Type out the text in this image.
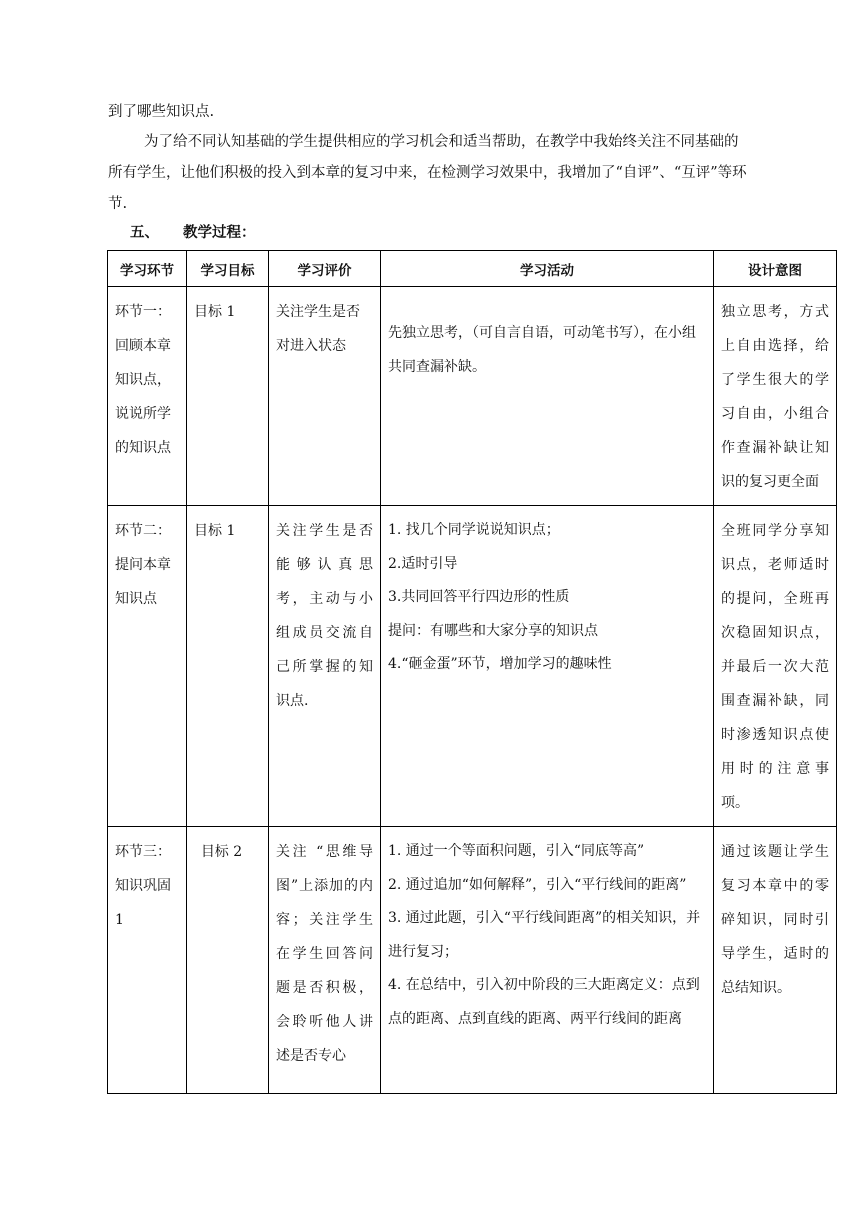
到了哪些知识点.
为了给不同认知基础的学生提供相应的学习机会和适当帮助，在教学中我始终关注不同基础的所有学生，让他们积极的投入到本章的复习中来，在检测学习效果中，我增加了“自评”、“互评”等环节.
五、 教学过程：
学习环节	学习目标	学习评价	学习活动	设计意图
环节一：回顾本章知识点，说说所学的知识点	目标 1	关注学生是否对进入状态	先独立思考，（可自言自语，可动笔书写），在小组共同查漏补缺。	独立思考，方式上自由选择，给了学生很大的学习自由，小组合作查漏补缺让知识的复习更全面
环节二：提问本章知识点	目标 1	关注学生是否能够认真思考，主动与小组成员交流自己所掌握的知识点.	1. 找几个同学说说知识点；
2.适时引导
3.共同回答平行四边形的性质
提问：有哪些和大家分享的知识点
4.“砸金蛋”环节，增加学习的趣味性	全班同学分享知识点，老师适时的提问，全班再次稳固知识点，并最后一次大范围查漏补缺，同时渗透知识点使用时的注意事项。
环节三：知识巩固1	目标 2	关注 “思维导图”上添加的内容；关注学生在学生回答问题是否积极，会聆听他人讲述是否专心	1. 通过一个等面积问题，引入“同底等高”
2. 通过追加“如何解释”，引入“平行线间的距离”
3. 通过此题，引入“平行线间距离”的相关知识，并进行复习；
4. 在总结中，引入初中阶段的三大距离定义：点到点的距离、点到直线的距离、两平行线间的距离	通过该题让学生复习本章中的零碎知识，同时引导学生，适时的总结知识。
